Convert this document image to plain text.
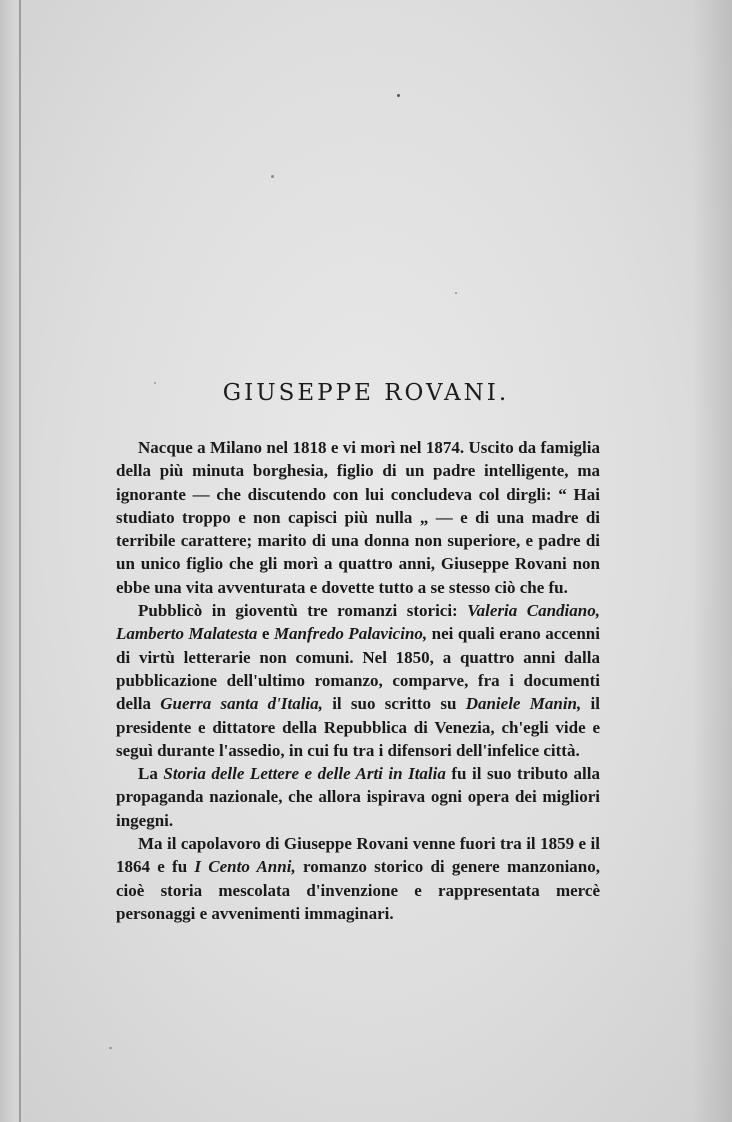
GIUSEPPE ROVANI.

Nacque a Milano nel 1818 e vi morì nel 1874. Uscito da famiglia della più minuta borghesia, figlio di un padre intelligente, ma ignorante — che discutendo con lui concludeva col dirgli: “ Hai studiato troppo e non capisci più nulla „ — e di una madre di terribile carattere; marito di una donna non superiore, e padre di un unico figlio che gli morì a quattro anni, Giuseppe Rovani non ebbe una vita avventurata e dovette tutto a se stesso ciò che fu.

Pubblicò in gioventù tre romanzi storici: Valeria Candiano, Lamberto Malatesta e Manfredo Palavicino, nei quali erano accenni di virtù letterarie non comuni. Nel 1850, a quattro anni dalla pubblicazione dell'ultimo romanzo, comparve, fra i documenti della Guerra santa d'Italia, il suo scritto su Daniele Manin, il presidente e dittatore della Repubblica di Venezia, ch'egli vide e seguì durante l'assedio, in cui fu tra i difensori dell'infelice città.

La Storia delle Lettere e delle Arti in Italia fu il suo tributo alla propaganda nazionale, che allora ispirava ogni opera dei migliori ingegni.

Ma il capolavoro di Giuseppe Rovani venne fuori tra il 1859 e il 1864 e fu I Cento Anni, romanzo storico di genere manzoniano, cioè storia mescolata d'invenzione e rappresentata mercè personaggi e avvenimenti immaginari.
